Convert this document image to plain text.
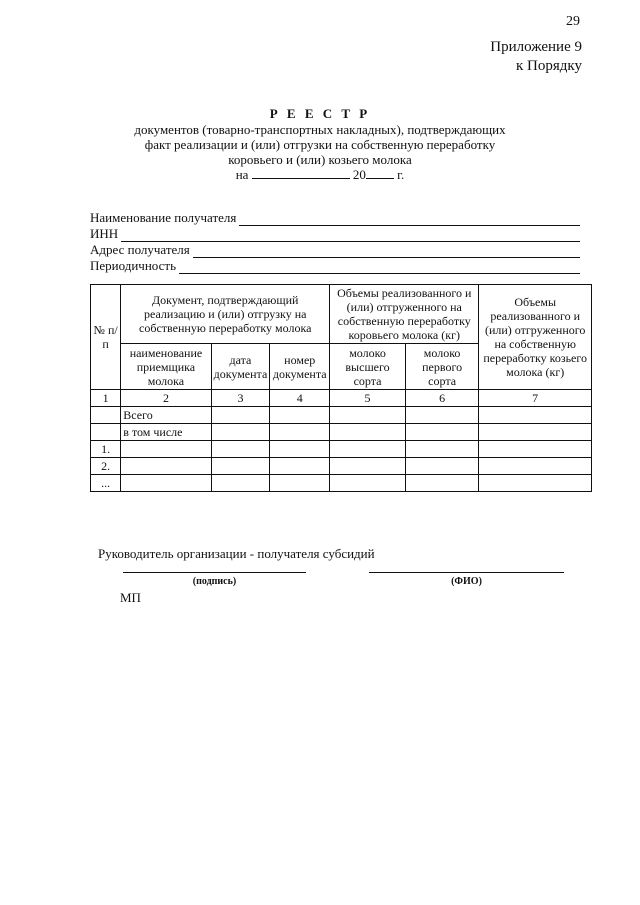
29
Приложение 9
к Порядку
Р Е Е С Т Р
документов (товарно-транспортных накладных), подтверждающих
факт реализации и (или) отгрузки на собственную переработку
коровьего и (или) козьего молока
на	20 г.
Наименование получателя
ИНН
Адрес получателя
Периодичность
№ п/п	Документ, подтверждающий реализацию и (или) отгрузку на собственную переработку молока			Объемы реализованного и (или) отгруженного на собственную переработку коровьего молока (кг)		Объемы реализованного и (или) отгруженного на собственную переработку козьего молока (кг)
	наименование приемщика молока	дата документа	номер документа	молоко высшего сорта	молоко первого сорта	
1	2	3	4	5	6	7
	Всего					
	в том числе					
1.						
2.						
...						
Руководитель организации - получателя субсидий
(подпись)	(ФИО)
МП
